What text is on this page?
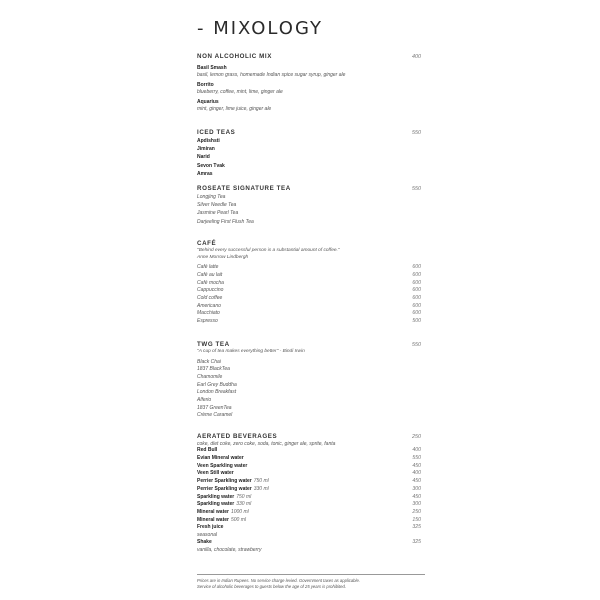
- MIXOLOGY
NON ALCOHOLIC MIX	400
Basil Smash
basil, lemon grass, homemade Indian spice sugar syrup, ginger ale
Borrito
blueberry, coffee, mint, lime, ginger ale
Aquarius
mint, ginger, lime juice, ginger ale
ICED TEAS	550
Apdishsti
Jimiran
Narid
Sevon Tvak
Amras
ROSEATE SIGNATURE TEA	550
Longjing Tea
Silver Needle Tea
Jasmine Pearl Tea
Darjeeling First Flush Tea
CAFÉ
"Behind every successful person is a substantial amount of coffee."
Anne Morrow Lindbergh
Café latte	600
Café au lait	600
Café mocha	600
Cappuccino	600
Cold coffee	600
Americano	600
Macchiato	600
Espresso	500
TWG TEA	550
"A cup of tea makes everything better" - Bindi Irwin
Black Chai
1837 BlackTea
Chamomile
Earl Grey Buddha
London Breakfast
Alferio
1837 GreenTea
Crème Caramel
AERATED BEVERAGES	250
coke, diet coke, zero coke, soda, tonic, ginger ale, sprite, fanta
Red Bull	400
Evian Mineral water	550
Veen Sparkling water	450
Veen Still water	400
Perrier Sparkling water 750 ml	450
Perrier Sparkling water 330 ml	300
Sparkling water 750 ml	450
Sparkling water 330 ml	300
Mineral water 1000 ml	250
Mineral water 500 ml	150
Fresh juice	325
seasonal
Shake	325
vanilla, chocolate, strawberry
Prices are in Indian Rupees. No service charge levied. Government taxes as applicable.
Service of alcoholic beverages to guests below the age of 25 years is prohibited.
